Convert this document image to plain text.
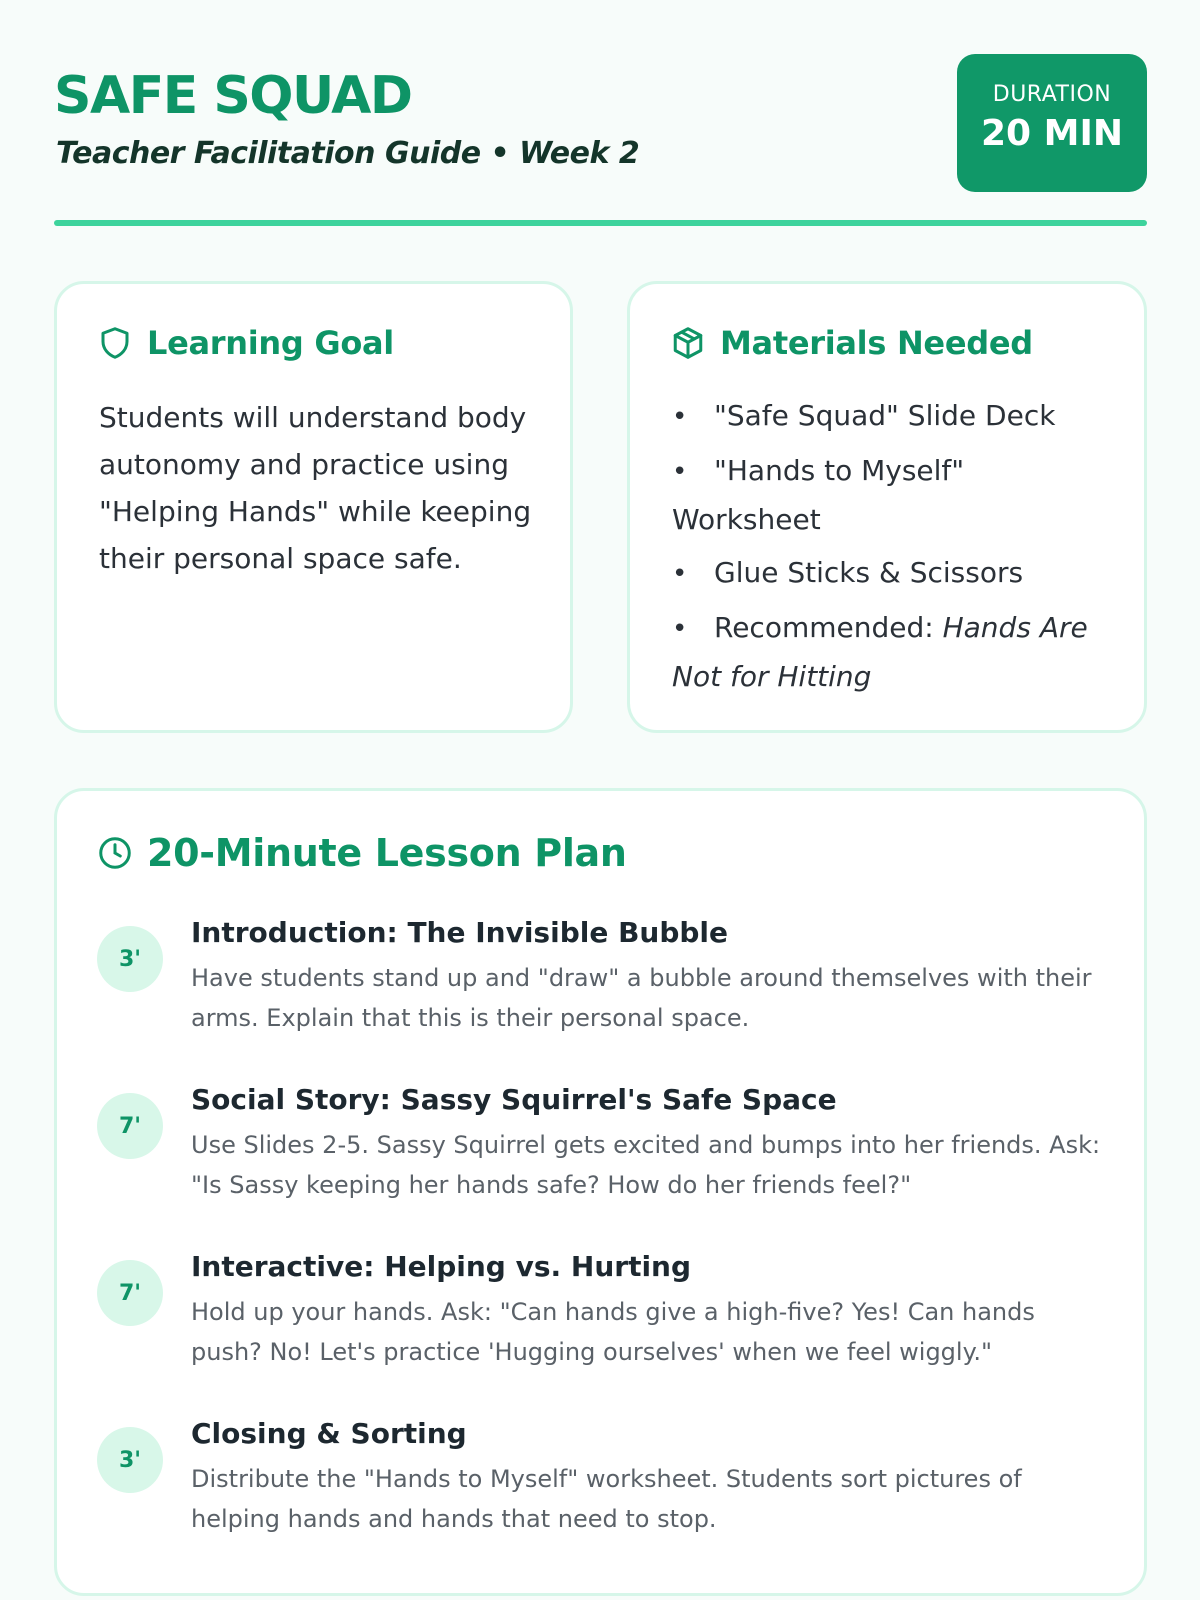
SAFE SQUAD
Teacher Facilitation Guide • Week 2
DURATION
20 MIN
Learning Goal

Students will understand body autonomy and practice using "Helping Hands" while keeping their personal space safe.

Materials Needed
• "Safe Squad" Slide Deck
• "Hands to Myself" Worksheet
• Glue Sticks & Scissors
• Recommended: Hands Are Not for Hitting
20-Minute Lesson Plan
3'
Introduction: The Invisible Bubble

Have students stand up and "draw" a bubble around themselves with their arms. Explain that this is their personal space.

7'
Social Story: Sassy Squirrel's Safe Space

Use Slides 2-5. Sassy Squirrel gets excited and bumps into her friends. Ask: "Is Sassy keeping her hands safe? How do her friends feel?"

7'
Interactive: Helping vs. Hurting

Hold up your hands. Ask: "Can hands give a high-five? Yes! Can hands push? No! Let's practice 'Hugging ourselves' when we feel wiggly."

3'
Closing & Sorting

Distribute the "Hands to Myself" worksheet. Students sort pictures of helping hands and hands that need to stop.
